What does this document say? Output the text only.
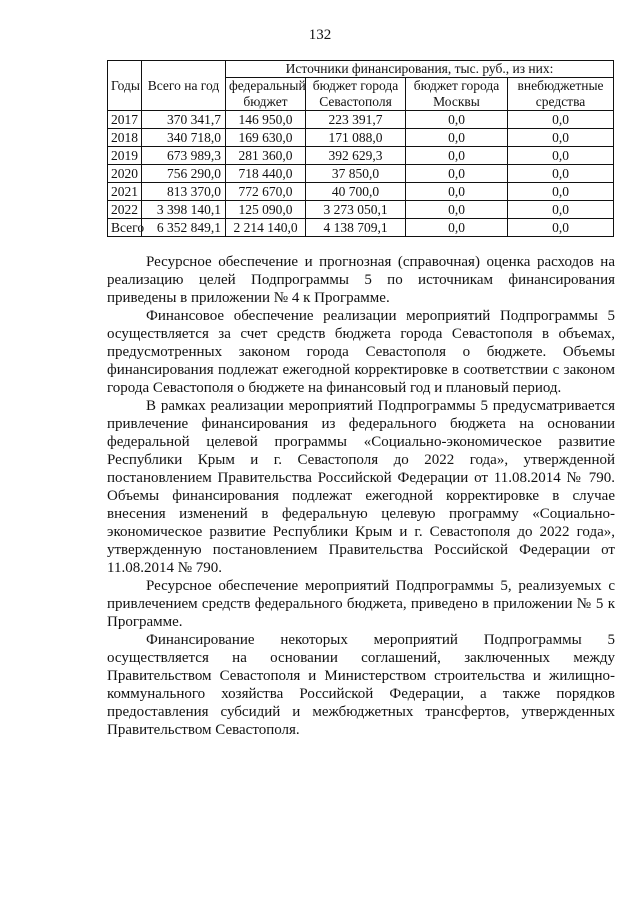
132
Годы	Всего на год	Источники финансирования, тыс. руб., из них:			
		федеральный бюджет	бюджет города Севастополя	бюджет города Москвы	внебюджетные средства
2017	370 341,7	146 950,0	223 391,7	0,0	0,0
2018	340 718,0	169 630,0	171 088,0	0,0	0,0
2019	673 989,3	281 360,0	392 629,3	0,0	0,0
2020	756 290,0	718 440,0	37 850,0	0,0	0,0
2021	813 370,0	772 670,0	40 700,0	0,0	0,0
2022	3 398 140,1	125 090,0	3 273 050,1	0,0	0,0
Всего	6 352 849,1	2 214 140,0	4 138 709,1	0,0	0,0

Ресурсное обеспечение и прогнозная (справочная) оценка расходов на реализацию целей Подпрограммы 5 по источникам финансирования приведены в приложении № 4 к Программе.

Финансовое обеспечение реализации мероприятий Подпрограммы 5 осуществляется за счет средств бюджета города Севастополя в объемах, предусмотренных законом города Севастополя о бюджете. Объемы финансирования подлежат ежегодной корректировке в соответствии с законом города Севастополя о бюджете на финансовый год и плановый период.

В рамках реализации мероприятий Подпрограммы 5 предусматривается привлечение финансирования из федерального бюджета на основании федеральной целевой программы «Социально-экономическое развитие Республики Крым и г. Севастополя до 2022 года», утвержденной постановлением Правительства Российской Федерации от 11.08.2014 № 790. Объемы финансирования подлежат ежегодной корректировке в случае внесения изменений в федеральную целевую программу «Социально-экономическое развитие Республики Крым и г. Севастополя до 2022 года», утвержденную постановлением Правительства Российской Федерации от 11.08.2014 № 790.

Ресурсное обеспечение мероприятий Подпрограммы 5, реализуемых с привлечением средств федерального бюджета, приведено в приложении № 5 к Программе.

Финансирование некоторых мероприятий Подпрограммы 5 осуществляется на основании соглашений, заключенных между Правительством Севастополя и Министерством строительства и жилищно-коммунального хозяйства Российской Федерации, а также порядков предоставления субсидий и межбюджетных трансфертов, утвержденных Правительством Севастополя.
